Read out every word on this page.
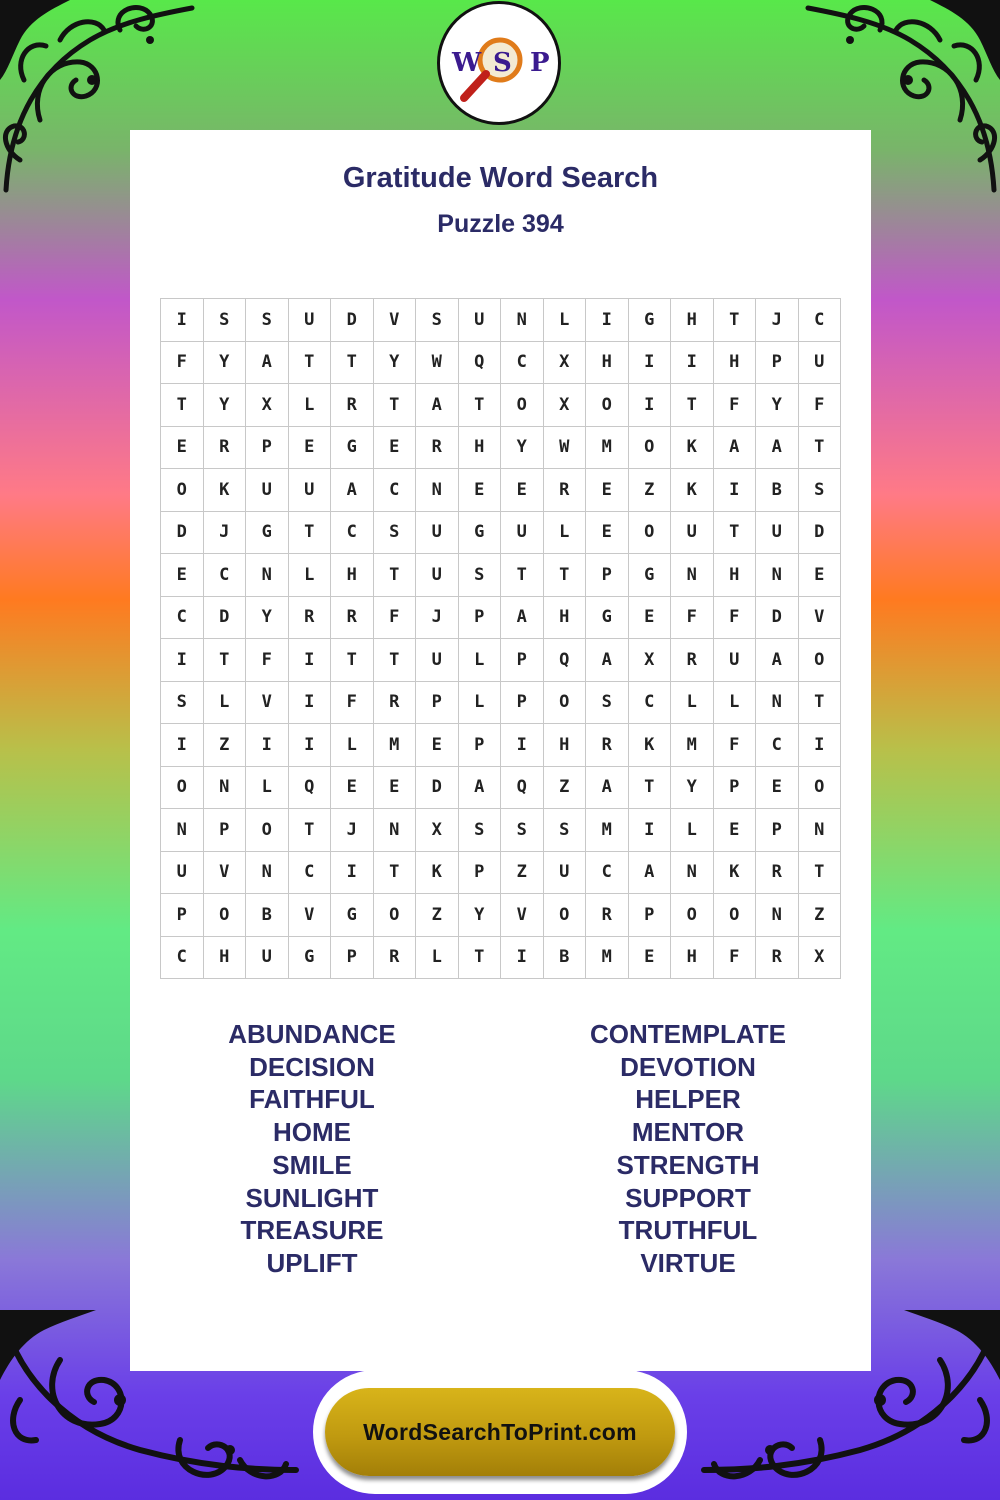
W S P
Gratitude Word Search
Puzzle 394
I	S	S	U	D	V	S	U	N	L	I	G	H	T	J	C
F	Y	A	T	T	Y	W	Q	C	X	H	I	I	H	P	U
T	Y	X	L	R	T	A	T	O	X	O	I	T	F	Y	F
E	R	P	E	G	E	R	H	Y	W	M	O	K	A	A	T
O	K	U	U	A	C	N	E	E	R	E	Z	K	I	B	S
D	J	G	T	C	S	U	G	U	L	E	O	U	T	U	D
E	C	N	L	H	T	U	S	T	T	P	G	N	H	N	E
C	D	Y	R	R	F	J	P	A	H	G	E	F	F	D	V
I	T	F	I	T	T	U	L	P	Q	A	X	R	U	A	O
S	L	V	I	F	R	P	L	P	O	S	C	L	L	N	T
I	Z	I	I	L	M	E	P	I	H	R	K	M	F	C	I
O	N	L	Q	E	E	D	A	Q	Z	A	T	Y	P	E	O
N	P	O	T	J	N	X	S	S	S	M	I	L	E	P	N
U	V	N	C	I	T	K	P	Z	U	C	A	N	K	R	T
P	O	B	V	G	O	Z	Y	V	O	R	P	O	O	N	Z
C	H	U	G	P	R	L	T	I	B	M	E	H	F	R	X
ABUNDANCE
DECISION
FAITHFUL
HOME
SMILE
SUNLIGHT
TREASURE
UPLIFT
CONTEMPLATE
DEVOTION
HELPER
MENTOR
STRENGTH
SUPPORT
TRUTHFUL
VIRTUE
WordSearchToPrint.com
